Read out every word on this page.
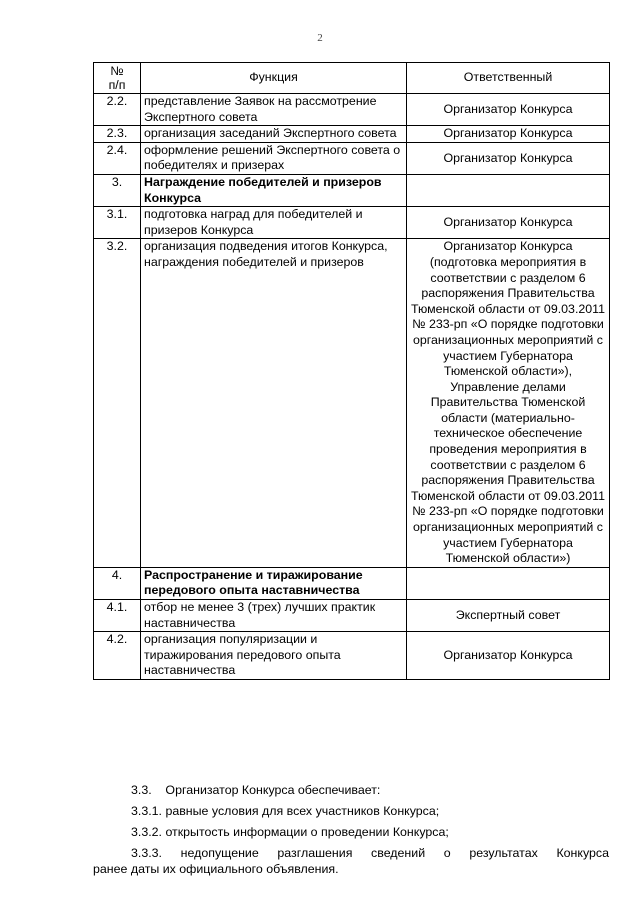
2
№
п/п	Функция	Ответственный
2.2.	представление Заявок на рассмотрение Экспертного совета	Организатор Конкурса
2.3.	организация заседаний Экспертного совета	Организатор Конкурса
2.4.	оформление решений Экспертного совета о победителях и призерах	Организатор Конкурса
3.	Награждение победителей и призеров Конкурса	
3.1.	подготовка наград для победителей и призеров Конкурса	Организатор Конкурса
3.2.	организация подведения итогов Конкурса, награждения победителей и призеров	Организатор Конкурса (подготовка мероприятия в соответствии с разделом 6 распоряжения Правительства Тюменской области от 09.03.2011 № 233-рп «О порядке подготовки организационных мероприятий с участием Губернатора Тюменской области»),
Управление делами Правительства Тюменской области (материально-техническое обеспечение проведения мероприятия в соответствии с разделом 6 распоряжения Правительства Тюменской области от 09.03.2011 № 233-рп «О порядке подготовки организационных мероприятий с участием Губернатора Тюменской области»)
4.	Распространение и тиражирование передового опыта наставничества	
4.1.	отбор не менее 3 (трех) лучших практик наставничества	Экспертный совет
4.2.	организация популяризации и тиражирования передового опыта наставничества	Организатор Конкурса

3.3.    Организатор Конкурса обеспечивает:

3.3.1. равные условия для всех участников Конкурса;

3.3.2. открытость информации о проведении Конкурса;

3.3.3. недопущение разглашения сведений о результатах Конкурса

ранее даты их официального объявления.
